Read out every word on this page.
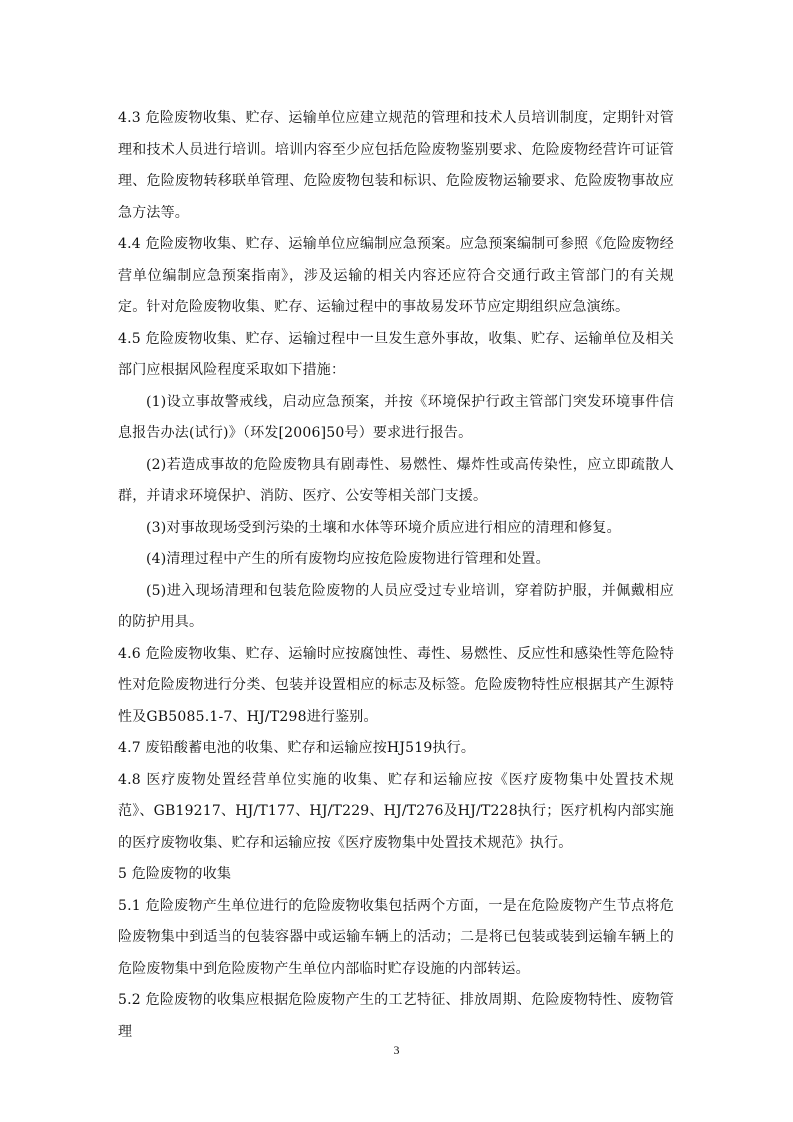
4.3 危险废物收集、贮存、运输单位应建立规范的管理和技术人员培训制度，定期针对管理和技术人员进行培训。培训内容至少应包括危险废物鉴别要求、危险废物经营许可证管理、危险废物转移联单管理、危险废物包装和标识、危险废物运输要求、危险废物事故应急方法等。

4.4 危险废物收集、贮存、运输单位应编制应急预案。应急预案编制可参照《危险废物经营单位编制应急预案指南》，涉及运输的相关内容还应符合交通行政主管部门的有关规定。针对危险废物收集、贮存、运输过程中的事故易发环节应定期组织应急演练。

4.5 危险废物收集、贮存、运输过程中一旦发生意外事故，收集、贮存、运输单位及相关部门应根据风险程度采取如下措施：

(1)设立事故警戒线，启动应急预案，并按《环境保护行政主管部门突发环境事件信息报告办法(试行)》（环发[2006]50号）要求进行报告。

(2)若造成事故的危险废物具有剧毒性、易燃性、爆炸性或高传染性，应立即疏散人群，并请求环境保护、消防、医疗、公安等相关部门支援。

(3)对事故现场受到污染的土壤和水体等环境介质应进行相应的清理和修复。

(4)清理过程中产生的所有废物均应按危险废物进行管理和处置。

(5)进入现场清理和包装危险废物的人员应受过专业培训，穿着防护服，并佩戴相应的防护用具。

4.6 危险废物收集、贮存、运输时应按腐蚀性、毒性、易燃性、反应性和感染性等危险特性对危险废物进行分类、包装并设置相应的标志及标签。危险废物特性应根据其产生源特性及GB5085.1-7、HJ/T298进行鉴别。

4.7 废铅酸蓄电池的收集、贮存和运输应按HJ519执行。

4.8 医疗废物处置经营单位实施的收集、贮存和运输应按《医疗废物集中处置技术规范》、GB19217、HJ/T177、HJ/T229、HJ/T276及HJ/T228执行；医疗机构内部实施的医疗废物收集、贮存和运输应按《医疗废物集中处置技术规范》执行。

5 危险废物的收集

5.1 危险废物产生单位进行的危险废物收集包括两个方面，一是在危险废物产生节点将危险废物集中到适当的包装容器中或运输车辆上的活动；二是将已包装或装到运输车辆上的危险废物集中到危险废物产生单位内部临时贮存设施的内部转运。

5.2 危险废物的收集应根据危险废物产生的工艺特征、排放周期、危险废物特性、废物管理

3
